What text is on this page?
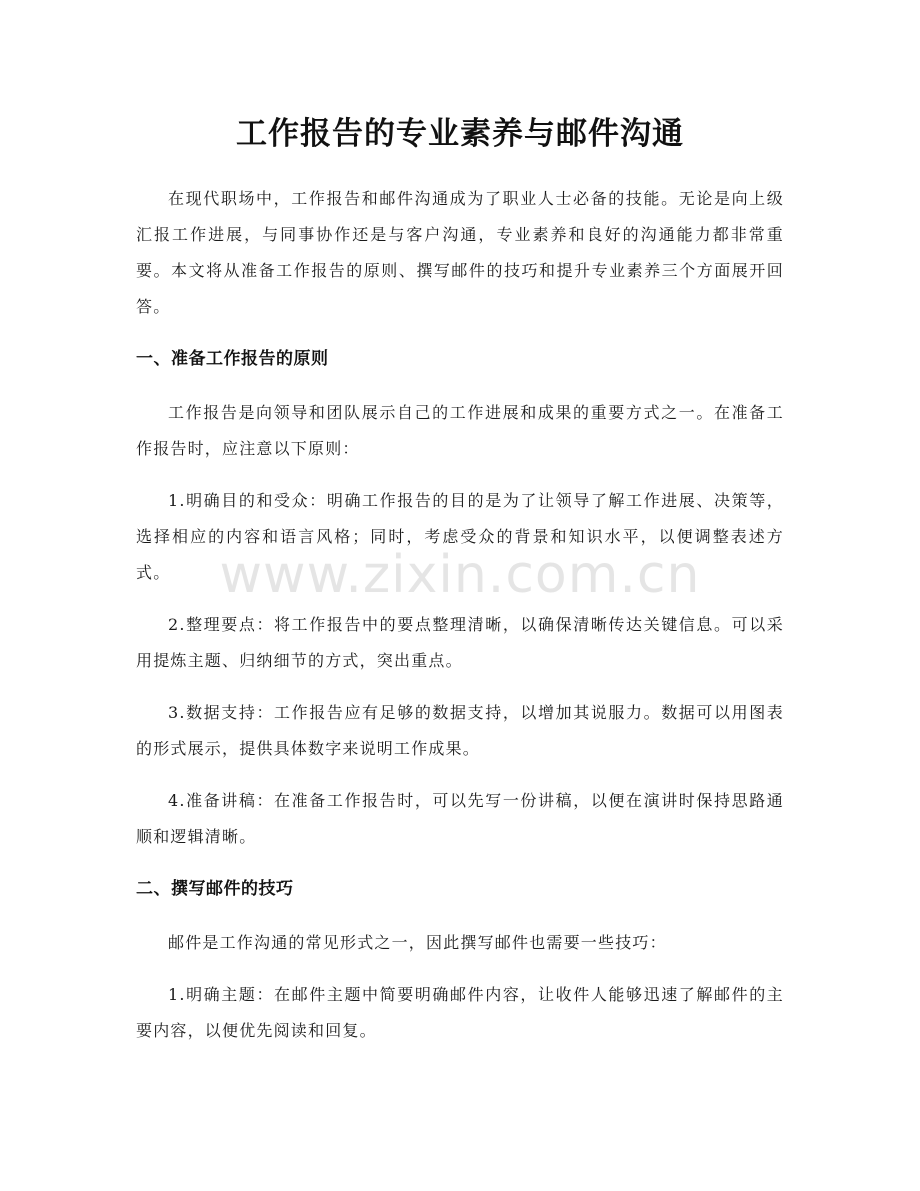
工作报告的专业素养与邮件沟通

在现代职场中，工作报告和邮件沟通成为了职业人士必备的技能。无论是向上级汇报工作进展，与同事协作还是与客户沟通，专业素养和良好的沟通能力都非常重要。本文将从准备工作报告的原则、撰写邮件的技巧和提升专业素养三个方面展开回答。

一、准备工作报告的原则

工作报告是向领导和团队展示自己的工作进展和成果的重要方式之一。在准备工作报告时，应注意以下原则：

1.明确目的和受众：明确工作报告的目的是为了让领导了解工作进展、决策等，选择相应的内容和语言风格；同时，考虑受众的背景和知识水平，以便调整表述方式。

2.整理要点：将工作报告中的要点整理清晰，以确保清晰传达关键信息。可以采用提炼主题、归纳细节的方式，突出重点。

3.数据支持：工作报告应有足够的数据支持，以增加其说服力。数据可以用图表的形式展示，提供具体数字来说明工作成果。

4.准备讲稿：在准备工作报告时，可以先写一份讲稿，以便在演讲时保持思路通顺和逻辑清晰。

二、撰写邮件的技巧

邮件是工作沟通的常见形式之一，因此撰写邮件也需要一些技巧：

1.明确主题：在邮件主题中简要明确邮件内容，让收件人能够迅速了解邮件的主要内容，以便优先阅读和回复。

www.zixin.com.cn
